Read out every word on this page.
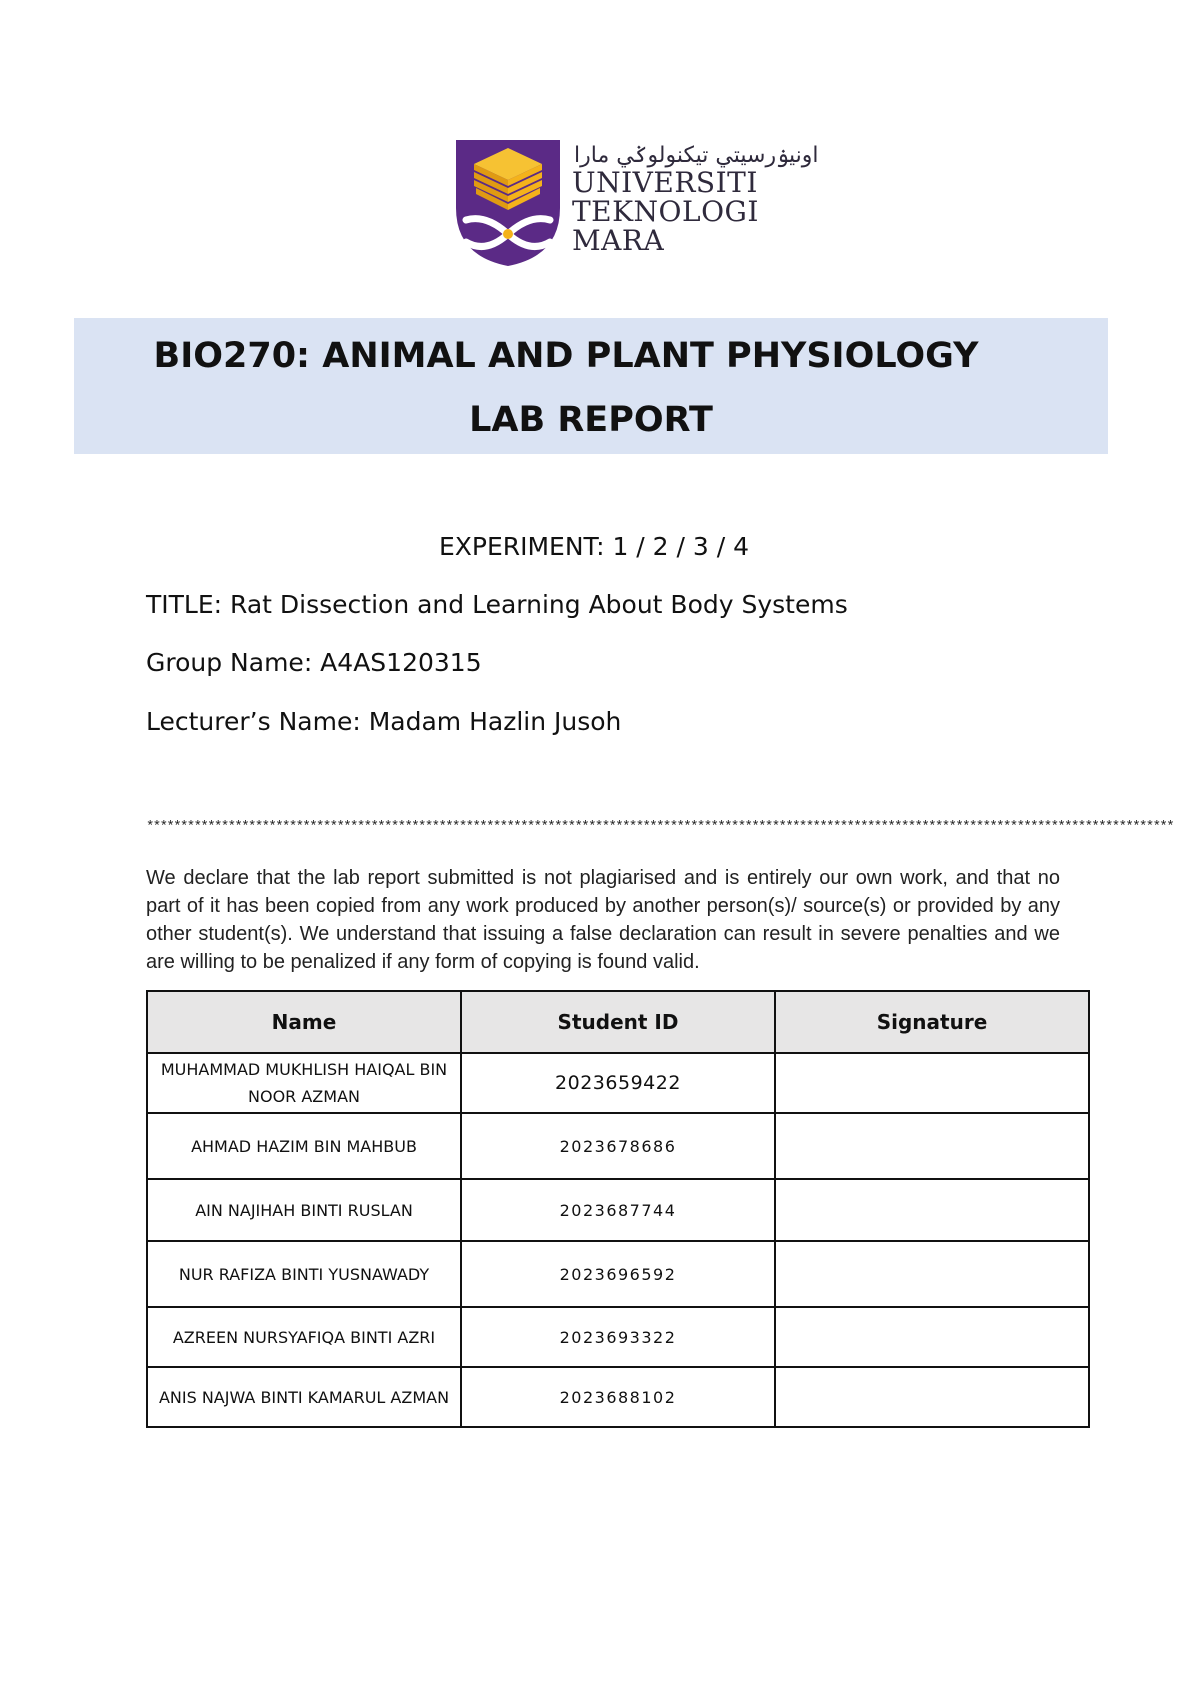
اونيۏرسيتي تيكنولوݢي مارا
UNIVERSITI
TEKNOLOGI
MARA
BIO270: ANIMAL AND PLANT PHYSIOLOGY
LAB REPORT
EXPERIMENT: 1 / 2 / 3 / 4
TITLE: Rat Dissection and Learning About Body Systems
Group Name: A4AS120315
Lecturer’s Name: Madam Hazlin Jusoh
*******************************************************************************************************************************************************
We declare that the lab report submitted is not plagiarised and is entirely our own work, and that no part of it has been copied from any work produced by another person(s)/ source(s) or provided by any other student(s). We understand that issuing a false declaration can result in severe penalties and we are willing to be penalized if any form of copying is found valid.
Name	Student ID	Signature
MUHAMMAD MUKHLISH HAIQAL BIN NOOR AZMAN	2023659422	
AHMAD HAZIM BIN MAHBUB	2023678686	
AIN NAJIHAH BINTI RUSLAN	2023687744	
NUR RAFIZA BINTI YUSNAWADY	2023696592	
AZREEN NURSYAFIQA BINTI AZRI	2023693322	
ANIS NAJWA BINTI KAMARUL AZMAN	2023688102	
